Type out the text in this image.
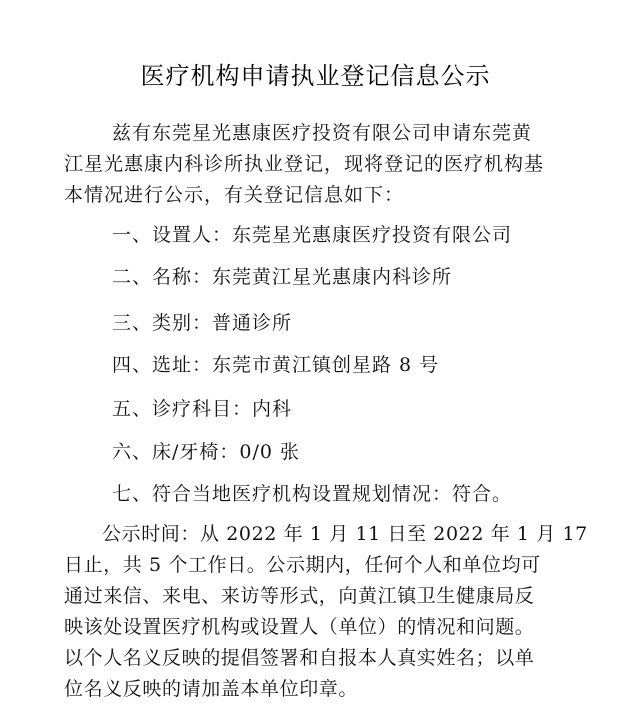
医疗机构申请执业登记信息公示

兹有东莞星光惠康医疗投资有限公司申请东莞黄
江星光惠康内科诊所执业登记，现将登记的医疗机构基
本情况进行公示，有关登记信息如下：

一、设置人：东莞星光惠康医疗投资有限公司

二、名称：东莞黄江星光惠康内科诊所

三、类别：普通诊所

四、选址：东莞市黄江镇创星路 8 号

五、诊疗科目：内科

六、床/牙椅：0/0 张

七、符合当地医疗机构设置规划情况：符合。

公示时间：从 2022 年 1 月 11 日至 2022 年 1 月 17
日止，共 5 个工作日。公示期内，任何个人和单位均可
通过来信、来电、来访等形式，向黄江镇卫生健康局反
映该处设置医疗机构或设置人（单位）的情况和问题。
以个人名义反映的提倡签署和自报本人真实姓名；以单
位名义反映的请加盖本单位印章。
